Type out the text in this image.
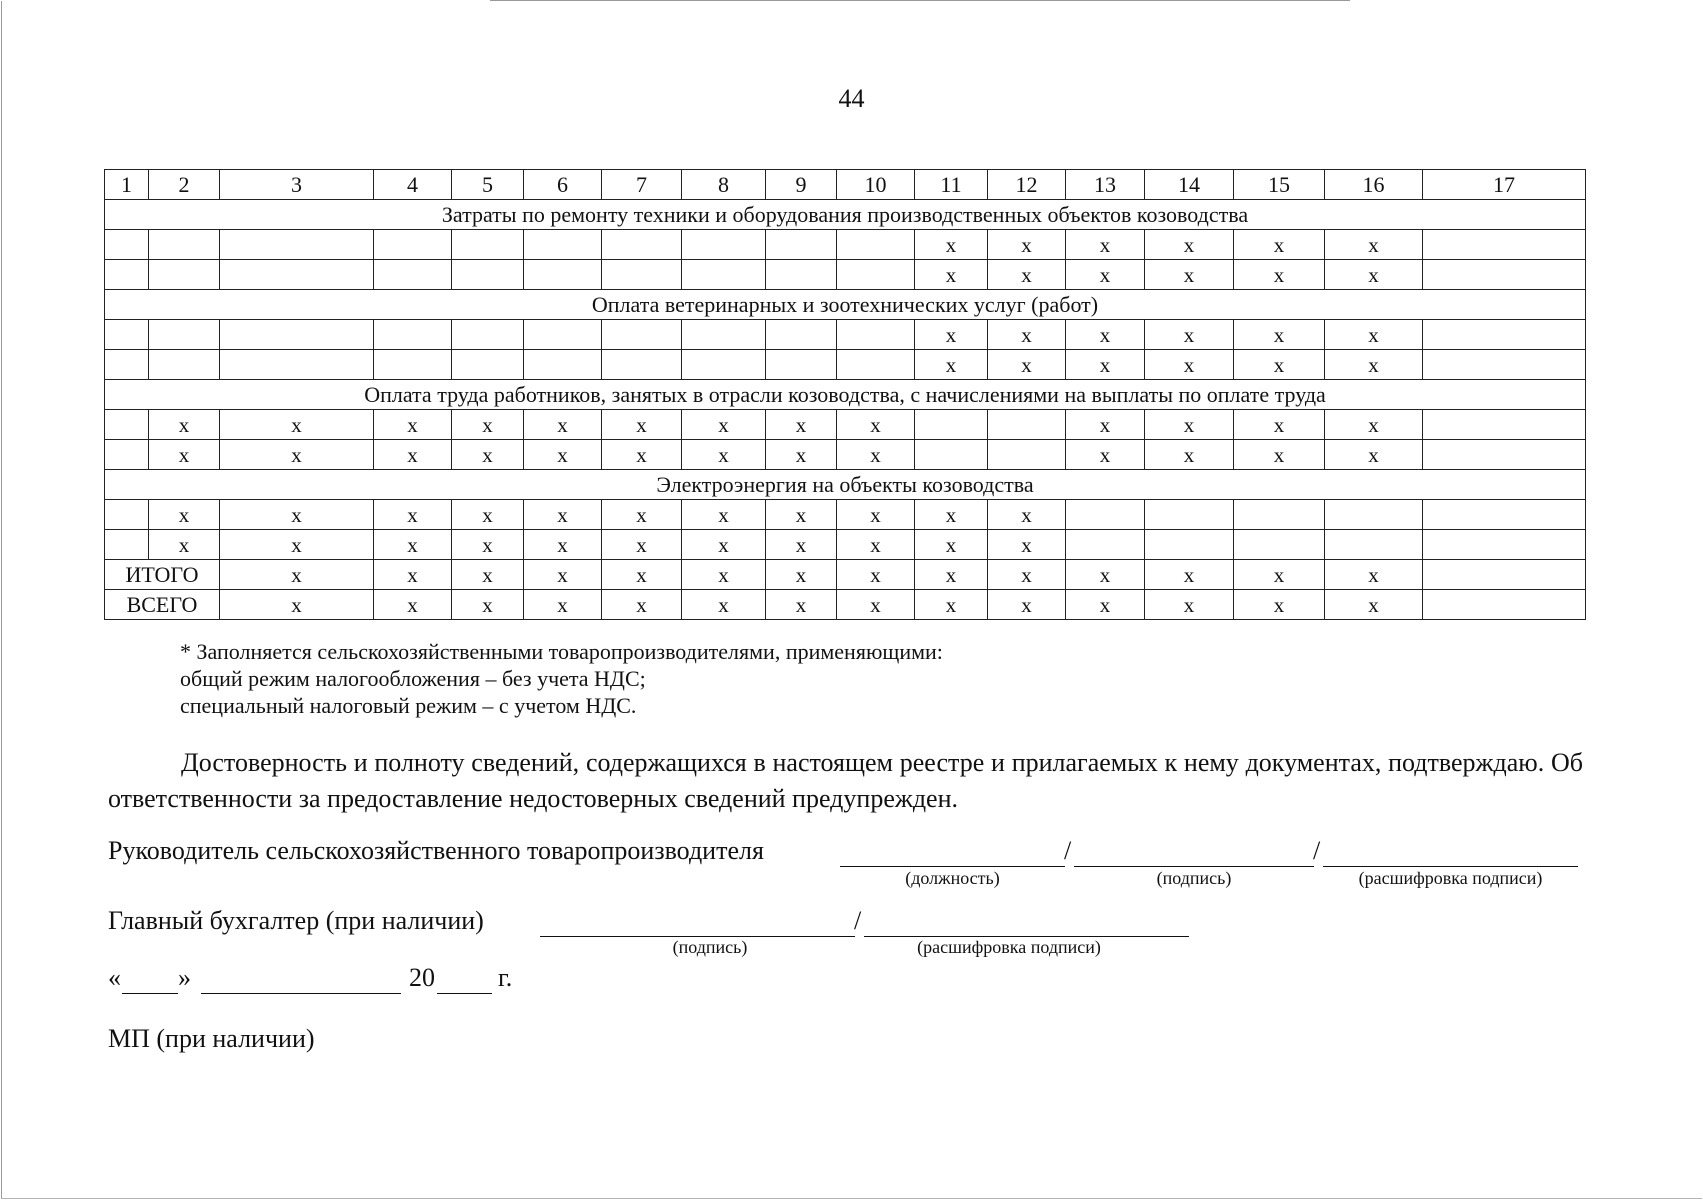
44
1	2	3	4	5	6	7	8	9	10	11	12	13	14	15	16	17
Затраты по ремонту техники и оборудования производственных объектов козоводства																
										x	x	x	x	x	x	
										x	x	x	x	x	x	
Оплата ветеринарных и зоотехнических услуг (работ)																
										x	x	x	x	x	x	
										x	x	x	x	x	x	
Оплата труда работников, занятых в отрасли козоводства, с начислениями на выплаты по оплате труда																
	x	x	x	x	x	x	x	x	x			x	x	x	x	
	x	x	x	x	x	x	x	x	x			x	x	x	x	
Электроэнергия на объекты козоводства																
	x	x	x	x	x	x	x	x	x	x	x					
	x	x	x	x	x	x	x	x	x	x	x					
ИТОГО		x	x	x	x	x	x	x	x	x	x	x	x	x	x	
ВСЕГО		x	x	x	x	x	x	x	x	x	x	x	x	x	x	
* Заполняется сельскохозяйственными товаропроизводителями, применяющими:
общий режим налогообложения – без учета НДС;
специальный налоговый режим – с учетом НДС.
Достоверность и полноту сведений, содержащихся в настоящем реестре и прилагаемых к нему документах, подтверждаю. Об ответственности за предоставление недостоверных сведений предупрежден.
Руководитель сельскохозяйственного товаропроизводителя	/	/
(должность)	(подпись)	(расшифровка подписи)
Главный бухгалтер (при наличии)	/
(подпись)	(расшифровка подписи)
« »	20 г.
МП (при наличии)
